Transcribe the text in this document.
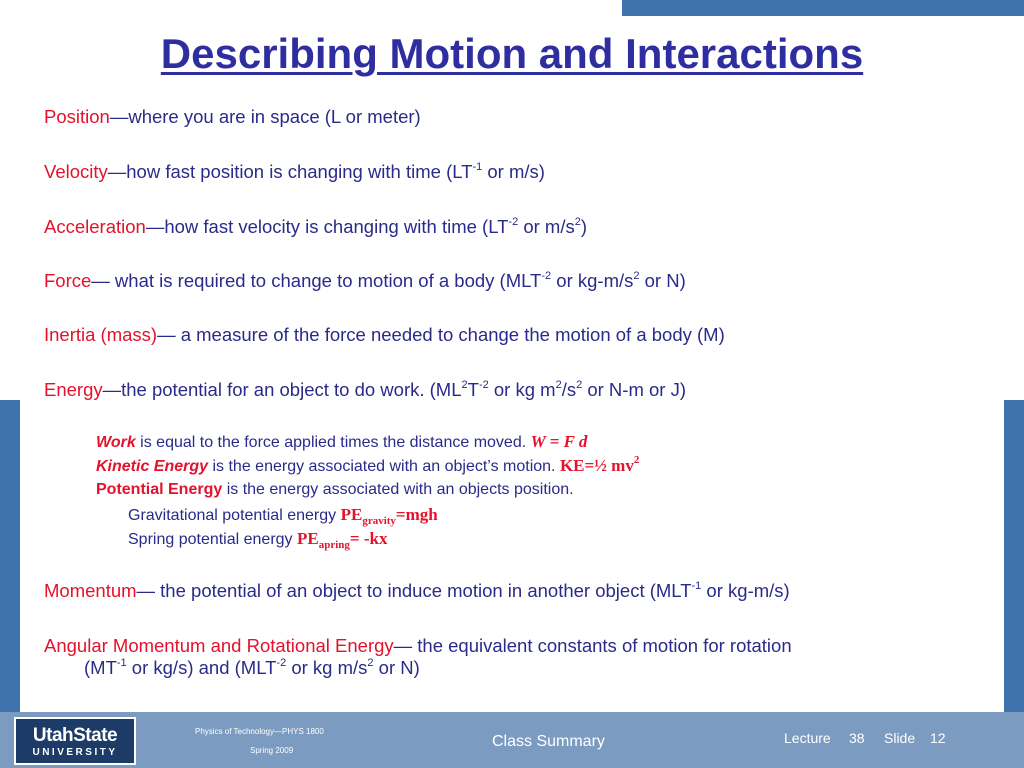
Describing Motion and Interactions
Position—where you are in space (L or meter)
Velocity—how fast position is changing with time ($LT^{-1}$ or m/s)
Acceleration—how fast velocity is changing with time ($LT^{-2}$ or $m/s^2$)
Force— what is required to change to motion of a body ($MLT^{-2}$ or $kg-m/s^2$ or N)
Inertia (mass)— a measure of the force needed to change the motion of a body (M)
Energy—the potential for an object to do work. ($ML^2T^{-2}$ or kg $m^2/s^2$ or N-m or J)
Work is equal to the force applied times the distance moved. W = F d
Kinetic Energy is the energy associated with an object’s motion. KE=½ $mv^2$
Potential Energy is the energy associated with an objects position.
Gravitational potential energy $PE_{gravity}=mgh$
Spring potential energy $PE_{apring}= -kx$
Momentum— the potential of an object to induce motion in another object ($MLT^{-1}$ or kg-m/s)
Angular Momentum and Rotational Energy— the equivalent constants of motion for rotation
($MT^{-1}$ or kg/s) and ($MLT^{-2}$ or kg $m/s^2$ or N)
UtahState
UNIVERSITY
Physics of Technology—PHYS 1800
Spring 2009
Class Summary	Lecture 38 Slide 12
